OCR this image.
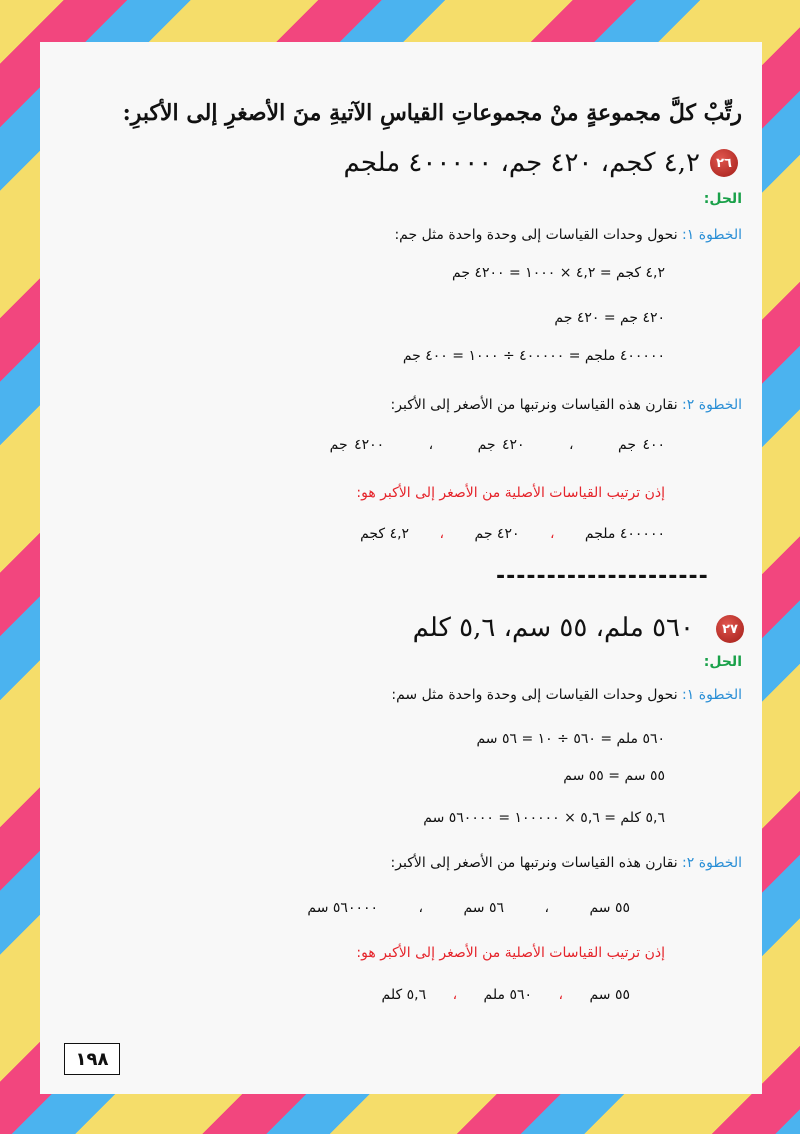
رتِّبْ كلَّ مجموعةٍ منْ مجموعاتِ القياسِ الآتيةِ منَ الأصغرِ إلى الأكبرِ:
٢٦
٤,٢ كجم، ٤٢٠ جم، ٤٠٠٠٠٠ ملجم
الحل:
الخطوة ١: نحول وحدات القياسات إلى وحدة واحدة مثل جم:
٤,٢ كجم = ٤,٢ × ١٠٠٠ = ٤٢٠٠ جم
٤٢٠ جم = ٤٢٠ جم
٤٠٠٠٠٠ ملجم = ٤٠٠٠٠٠ ÷ ١٠٠٠ = ٤٠٠ جم
الخطوة ٢: نقارن هذه القياسات ونرتبها من الأصغر إلى الأكبر:
٤٠٠ جم ، ٤٢٠ جم ، ٤٢٠٠ جم
إذن ترتيب القياسات الأصلية من الأصغر إلى الأكبر هو:
٤٠٠٠٠٠ ملجم ، ٤٢٠ جم ، ٤,٢ كجم
---------------------
٢٧
٥٦٠ ملم، ٥٥ سم، ٥,٦ كلم
الحل:
الخطوة ١: نحول وحدات القياسات إلى وحدة واحدة مثل سم:
٥٦٠ ملم = ٥٦٠ ÷ ١٠ = ٥٦ سم
٥٥ سم = ٥٥ سم
٥,٦ كلم = ٥,٦ × ١٠٠٠٠٠ = ٥٦٠٠٠٠ سم
الخطوة ٢: نقارن هذه القياسات ونرتبها من الأصغر إلى الأكبر:
٥٥ سم ، ٥٦ سم ، ٥٦٠٠٠٠ سم
إذن ترتيب القياسات الأصلية من الأصغر إلى الأكبر هو:
٥٥ سم ، ٥٦٠ ملم ، ٥,٦ كلم
١٩٨
